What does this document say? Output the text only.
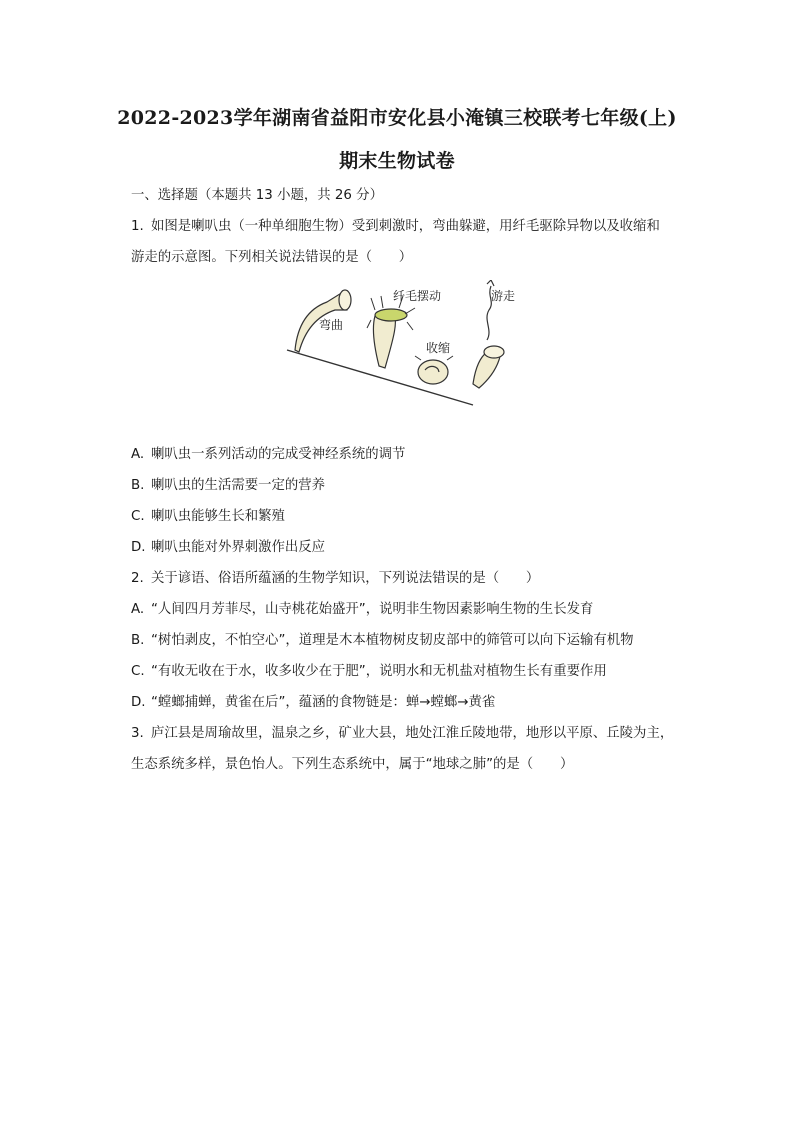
2022-2023学年湖南省益阳市安化县小淹镇三校联考七年级(上)
期末生物试卷
一、选择题（本题共 13 小题，共 26 分）
1. 如图是喇叭虫（一种单细胞生物）受到刺激时，弯曲躲避，用纤毛驱除异物以及收缩和
游走的示意图。下列相关说法错误的是（　　）
弯曲
纤毛摆动
收缩
游走
A. 喇叭虫一系列活动的完成受神经系统的调节
B. 喇叭虫的生活需要一定的营养
C. 喇叭虫能够生长和繁殖
D. 喇叭虫能对外界刺激作出反应
2. 关于谚语、俗语所蕴涵的生物学知识，下列说法错误的是（　　）
A. “人间四月芳菲尽，山寺桃花始盛开”，说明非生物因素影响生物的生长发育
B. “树怕剥皮，不怕空心”，道理是木本植物树皮韧皮部中的筛管可以向下运输有机物
C. “有收无收在于水，收多收少在于肥”，说明水和无机盐对植物生长有重要作用
D. “螳螂捕蝉，黄雀在后”，蕴涵的食物链是：蝉→螳螂→黄雀
3. 庐江县是周瑜故里，温泉之乡，矿业大县，地处江淮丘陵地带，地形以平原、丘陵为主，
生态系统多样，景色怡人。下列生态系统中，属于“地球之肺”的是（　　）
